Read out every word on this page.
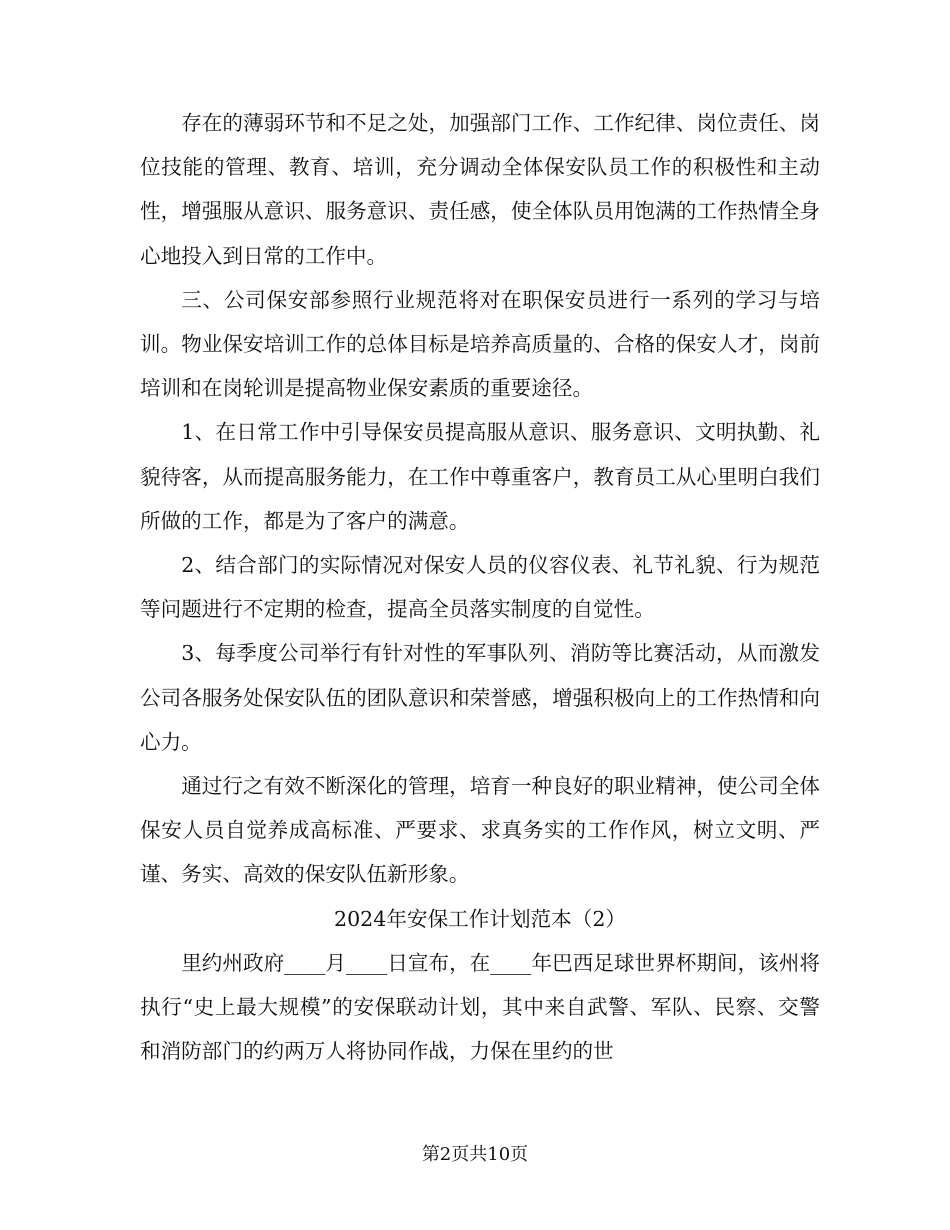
存在的薄弱环节和不足之处，加强部门工作、工作纪律、岗位责任、岗位技能的管理、教育、培训，充分调动全体保安队员工作的积极性和主动性，增强服从意识、服务意识、责任感，使全体队员用饱满的工作热情全身心地投入到日常的工作中。

三、公司保安部参照行业规范将对在职保安员进行一系列的学习与培训。物业保安培训工作的总体目标是培养高质量的、合格的保安人才，岗前培训和在岗轮训是提高物业保安素质的重要途径。

1、在日常工作中引导保安员提高服从意识、服务意识、文明执勤、礼貌待客，从而提高服务能力，在工作中尊重客户，教育员工从心里明白我们所做的工作，都是为了客户的满意。

2、结合部门的实际情况对保安人员的仪容仪表、礼节礼貌、行为规范等问题进行不定期的检查，提高全员落实制度的自觉性。

3、每季度公司举行有针对性的军事队列、消防等比赛活动，从而激发公司各服务处保安队伍的团队意识和荣誉感，增强积极向上的工作热情和向心力。

通过行之有效不断深化的管理，培育一种良好的职业精神，使公司全体保安人员自觉养成高标准、严要求、求真务实的工作作风，树立文明、严谨、务实、高效的保安队伍新形象。

2024年安保工作计划范本（2）

里约州政府____月____日宣布，在____年巴西足球世界杯期间，该州将执行“史上最大规模”的安保联动计划，其中来自武警、军队、民察、交警和消防部门的约两万人将协同作战，力保在里约的世

第2页共10页
